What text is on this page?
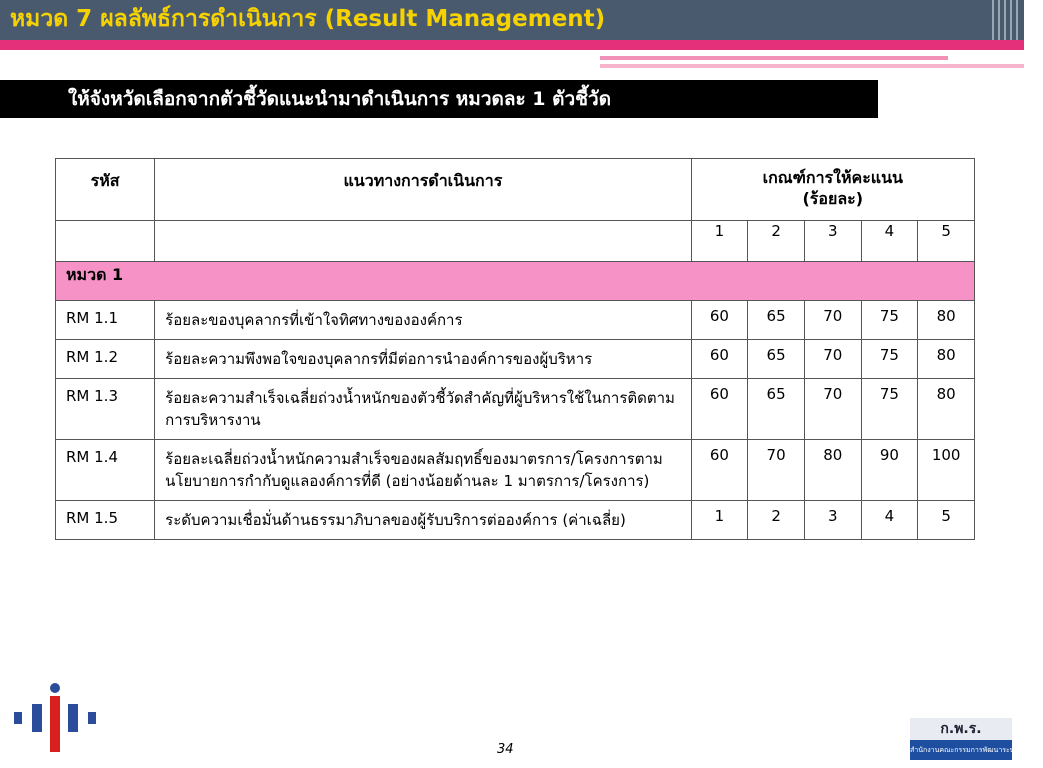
หมวด 7 ผลลัพธ์การดำเนินการ (Result Management)
ให้จังหวัดเลือกจากตัวชี้วัดแนะนำมาดำเนินการ หมวดละ 1 ตัวชี้วัด
รหัส	แนวทางการดำเนินการ	เกณฑ์การให้คะแนน
(ร้อยละ)				

		1	2	3	4	5
หมวด 1						
RM 1.1	ร้อยละของบุคลากรที่เข้าใจทิศทางขององค์การ	60	65	70	75	80
RM 1.2	ร้อยละความพึงพอใจของบุคลากรที่มีต่อการนำองค์การของผู้บริหาร	60	65	70	75	80
RM 1.3	ร้อยละความสำเร็จเฉลี่ยถ่วงน้ำหนักของตัวชี้วัดสำคัญที่ผู้บริหารใช้ในการติดตามการบริหารงาน	60	65	70	75	80
RM 1.4	ร้อยละเฉลี่ยถ่วงน้ำหนักความสำเร็จของผลสัมฤทธิ์ของมาตรการ/โครงการตามนโยบายการกำกับดูแลองค์การที่ดี (อย่างน้อยด้านละ 1 มาตรการ/โครงการ)	60	70	80	90	100
RM 1.5	ระดับความเชื่อมั่นด้านธรรมาภิบาลของผู้รับบริการต่อองค์การ (ค่าเฉลี่ย)	1	2	3	4	5
34
ก.พ.ร.
สำนักงานคณะกรรมการพัฒนาระบบราชการ
